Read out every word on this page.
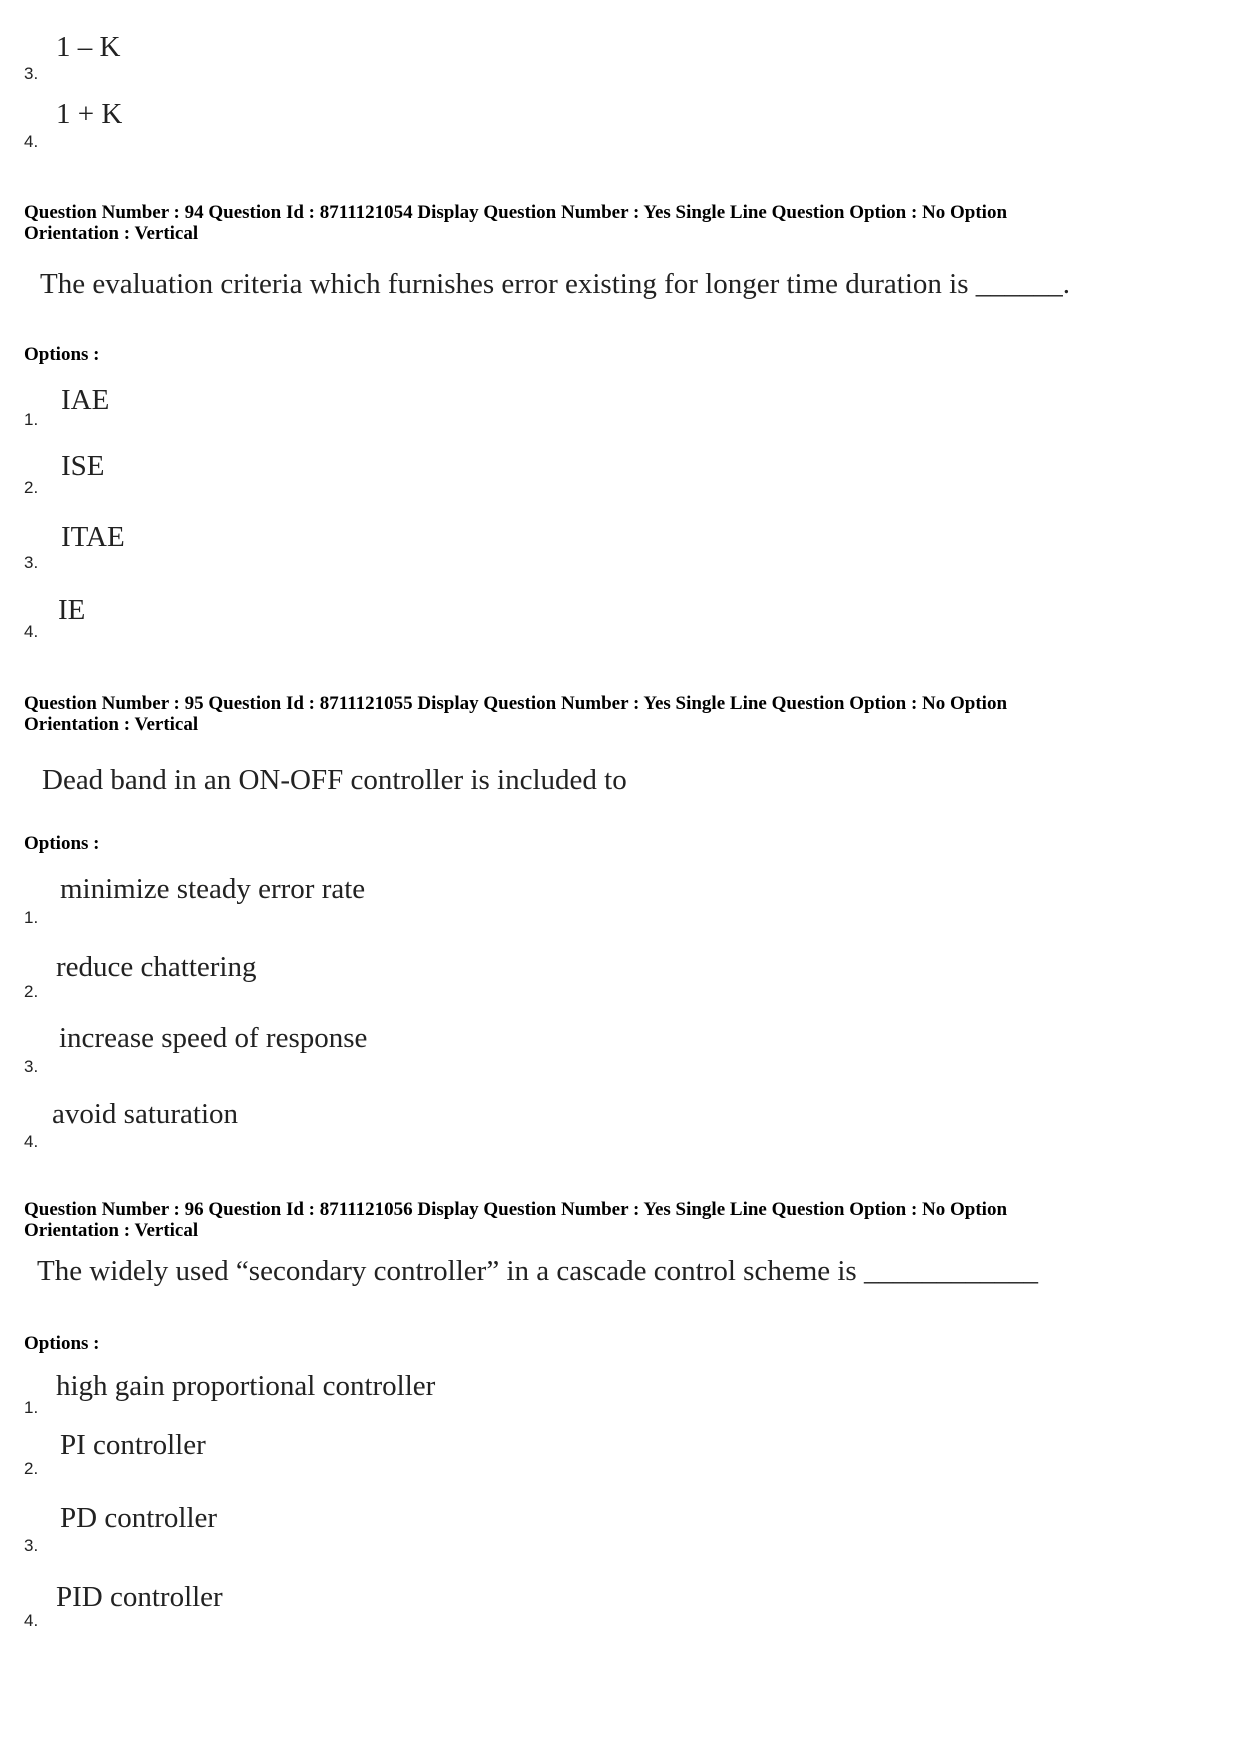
3.
1 – K
4.
1 + K
Question Number : 94 Question Id : 8711121054 Display Question Number : Yes Single Line Question Option : No Option
Orientation : Vertical
The evaluation criteria which furnishes error existing for longer time duration is ______.
Options :
1.
IAE
2.
ISE
3.
ITAE
4.
IE
Question Number : 95 Question Id : 8711121055 Display Question Number : Yes Single Line Question Option : No Option
Orientation : Vertical
Dead band in an ON-OFF controller is included to
Options :
1.
minimize steady error rate
2.
reduce chattering
3.
increase speed of response
4.
avoid saturation
Question Number : 96 Question Id : 8711121056 Display Question Number : Yes Single Line Question Option : No Option
Orientation : Vertical
The widely used “secondary controller” in a cascade control scheme is ____________
Options :
1.
high gain proportional controller
2.
PI controller
3.
PD controller
4.
PID controller
